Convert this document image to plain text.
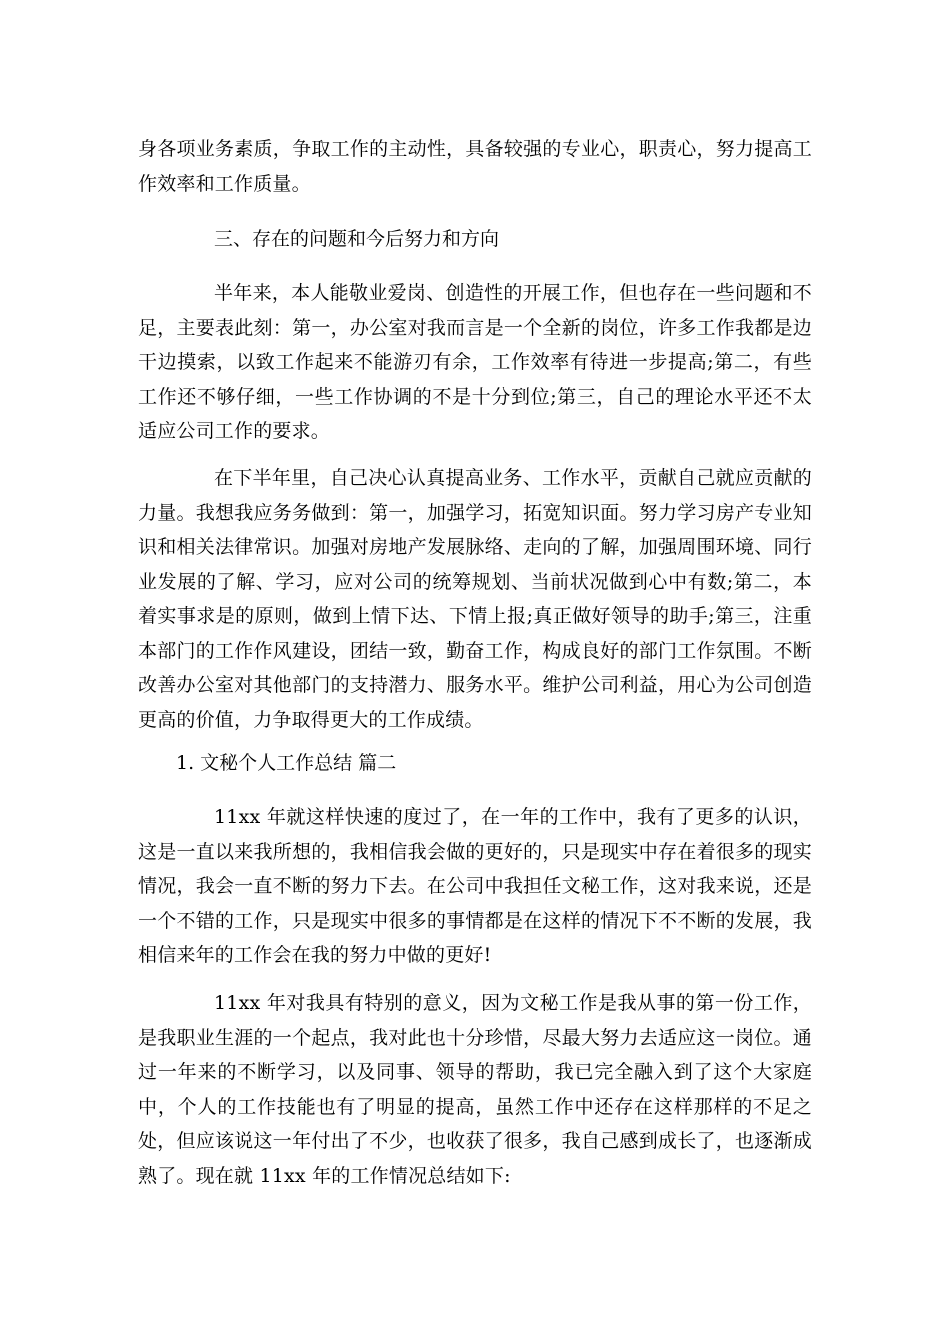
身各项业务素质，争取工作的主动性，具备较强的专业心，职责心，努力提高工作效率和工作质量。

三、存在的问题和今后努力和方向

半年来，本人能敬业爱岗、创造性的开展工作，但也存在一些问题和不足，主要表此刻：第一，办公室对我而言是一个全新的岗位，许多工作我都是边干边摸索，以致工作起来不能游刃有余，工作效率有待进一步提高;第二，有些工作还不够仔细，一些工作协调的不是十分到位;第三，自己的理论水平还不太适应公司工作的要求。

在下半年里，自己决心认真提高业务、工作水平，贡献自己就应贡献的力量。我想我应务务做到：第一，加强学习，拓宽知识面。努力学习房产专业知识和相关法律常识。加强对房地产发展脉络、走向的了解，加强周围环境、同行业发展的了解、学习，应对公司的统筹规划、当前状况做到心中有数;第二，本着实事求是的原则，做到上情下达、下情上报;真正做好领导的助手;第三，注重本部门的工作作风建设，团结一致，勤奋工作，构成良好的部门工作氛围。不断改善办公室对其他部门的支持潜力、服务水平。维护公司利益，用心为公司创造更高的价值，力争取得更大的工作成绩。

1. 文秘个人工作总结 篇二

11xx 年就这样快速的度过了，在一年的工作中，我有了更多的认识，这是一直以来我所想的，我相信我会做的更好的，只是现实中存在着很多的现实情况，我会一直不断的努力下去。在公司中我担任文秘工作，这对我来说，还是一个不错的工作，只是现实中很多的事情都是在这样的情况下不不断的发展，我相信来年的工作会在我的努力中做的更好!

11xx 年对我具有特别的意义，因为文秘工作是我从事的第一份工作，是我职业生涯的一个起点，我对此也十分珍惜，尽最大努力去适应这一岗位。通过一年来的不断学习，以及同事、领导的帮助，我已完全融入到了这个大家庭中，个人的工作技能也有了明显的提高，虽然工作中还存在这样那样的不足之处，但应该说这一年付出了不少，也收获了很多，我自己感到成长了，也逐渐成熟了。现在就 11xx 年的工作情况总结如下:
